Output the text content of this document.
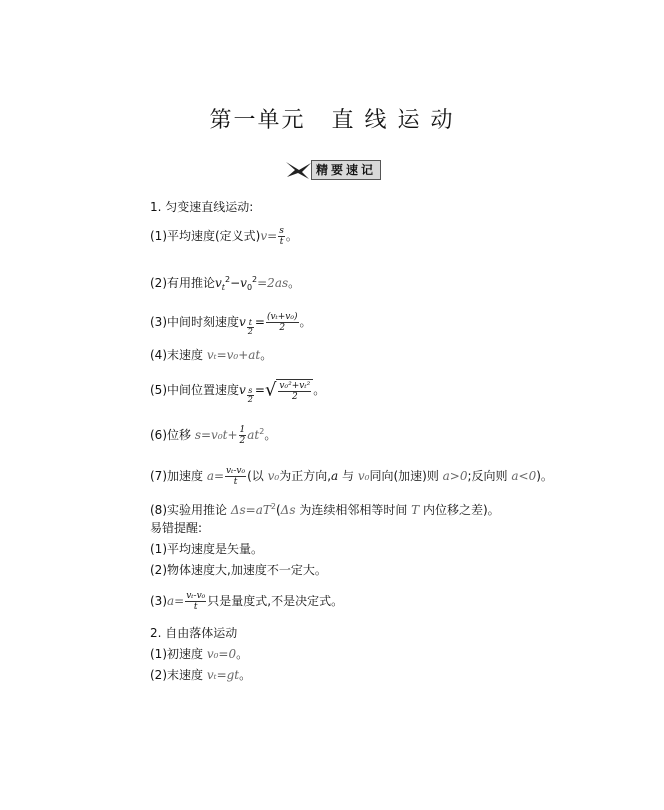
第一单元 直 线 运 动
精要速记
1. 匀变速直线运动:
(1)平均速度(定义式)$v= \frac{s}{t}$ 。
(2)有用推论$v_t^2-v_0^2=2as$。
(3)中间时刻速度v $\frac{t}{2} = \frac{\text{(vₜ+v₀)}}{2}$ 。
(4)末速度 vₜ=v₀+at。
(5)中间位置速度v $\frac{s}{2}$ =√ $\frac{\text{v₀²+vₜ²}}{2}$ 。
(6)位移 $s=v_0t+ \frac{1}{2} at^2$。
(7)加速度 $a= \frac{\text{vₜ-v₀}}{t}$ (以 v₀为正方向,a 与 v₀同向(加速)则 a>0;反向则 a<0)。
(8)实验用推论 $\Delta s=aT^2(\Delta s$ 为连续相邻相等时间 T 内位移之差)。
易错提醒:
(1)平均速度是矢量。
(2)物体速度大,加速度不一定大。
$(3)a= \frac{\text{vₜ-v₀}}{t}$ 只是量度式,不是决定式。
2. 自由落体运动
(1)初速度 v₀=0。
(2)末速度 vₜ=gt。
